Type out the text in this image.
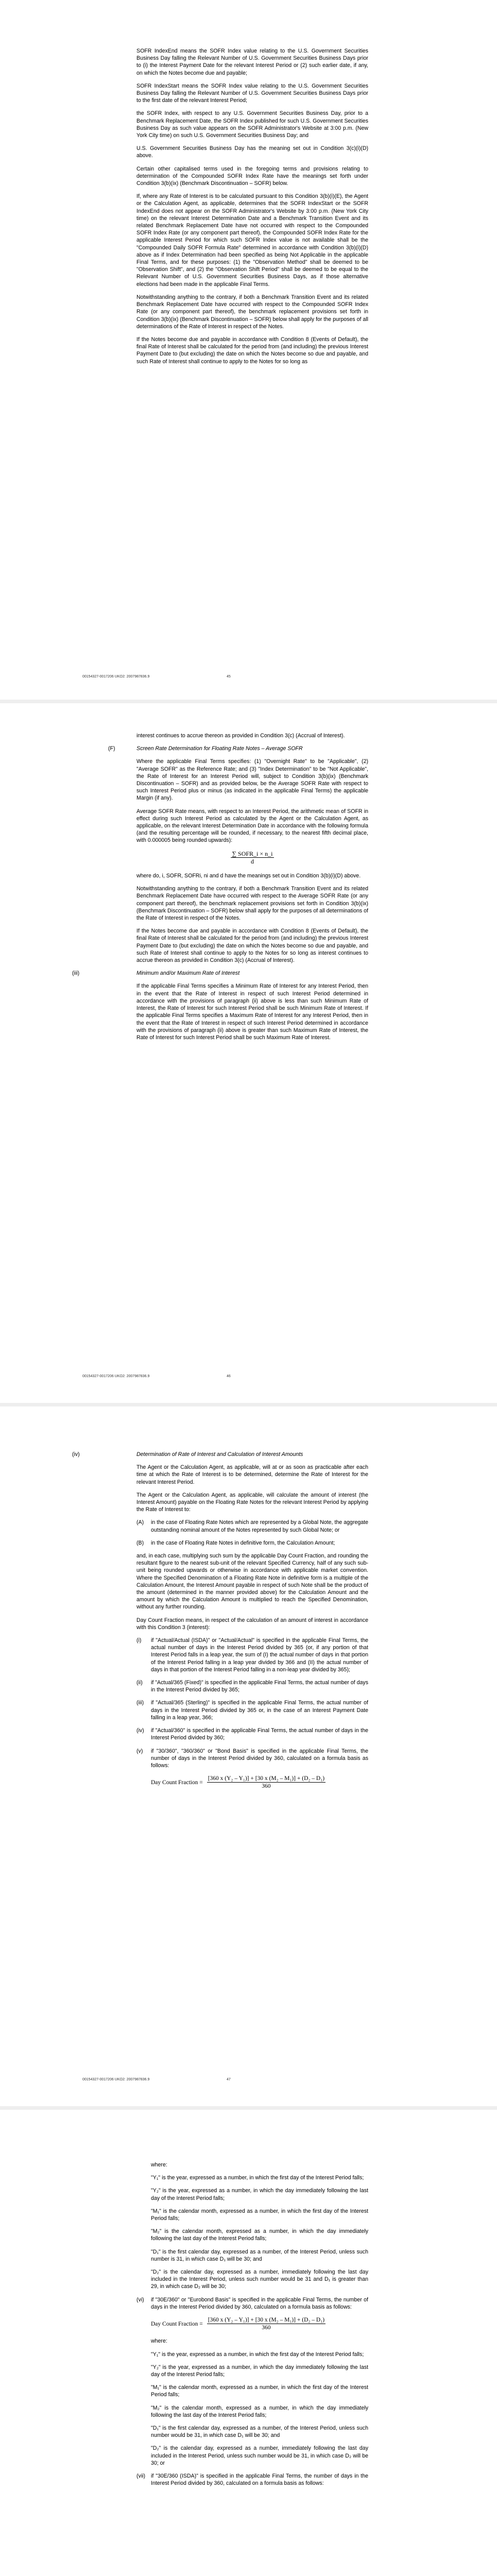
SOFR IndexEnd means the SOFR Index value relating to the U.S. Government Securities Business Day falling the Relevant Number of U.S. Government Securities Business Days prior to (i) the Interest Payment Date for the relevant Interest Period or (2) such earlier date, if any, on which the Notes become due and payable;

SOFR IndexStart means the SOFR Index value relating to the U.S. Government Securities Business Day falling the Relevant Number of U.S. Government Securities Business Days prior to the first date of the relevant Interest Period;

the SOFR Index, with respect to any U.S. Government Securities Business Day, prior to a Benchmark Replacement Date, the SOFR Index published for such U.S. Government Securities Business Day as such value appears on the SOFR Administrator's Website at 3:00 p.m. (New York City time) on such U.S. Government Securities Business Day; and

U.S. Government Securities Business Day has the meaning set out in Condition 3(c)(i)(D) above.

Certain other capitalised terms used in the foregoing terms and provisions relating to determination of the Compounded SOFR Index Rate have the meanings set forth under Condition 3(b)(ix) (Benchmark Discontinuation – SOFR) below.

If, where any Rate of Interest is to be calculated pursuant to this Condition 3(b)(i)(E), the Agent or the Calculation Agent, as applicable, determines that the SOFR IndexStart or the SOFR IndexEnd does not appear on the SOFR Administrator's Website by 3:00 p.m. (New York City time) on the relevant Interest Determination Date and a Benchmark Transition Event and its related Benchmark Replacement Date have not occurred with respect to the Compounded SOFR Index Rate (or any component part thereof), the Compounded SOFR Index Rate for the applicable Interest Period for which such SOFR Index value is not available shall be the "Compounded Daily SOFR Formula Rate" determined in accordance with Condition 3(b)(i)(D) above as if Index Determination had been specified as being Not Applicable in the applicable Final Terms, and for these purposes: (1) the "Observation Method" shall be deemed to be "Observation Shift", and (2) the "Observation Shift Period" shall be deemed to be equal to the Relevant Number of U.S. Government Securities Business Days, as if those alternative elections had been made in the applicable Final Terms.

Notwithstanding anything to the contrary, if both a Benchmark Transition Event and its related Benchmark Replacement Date have occurred with respect to the Compounded SOFR Index Rate (or any component part thereof), the benchmark replacement provisions set forth in Condition 3(b)(ix) (Benchmark Discontinuation – SOFR) below shall apply for the purposes of all determinations of the Rate of Interest in respect of the Notes.

If the Notes become due and payable in accordance with Condition 8 (Events of Default), the final Rate of Interest shall be calculated for the period from (and including) the previous Interest Payment Date to (but excluding) the date on which the Notes become so due and payable, and such Rate of Interest shall continue to apply to the Notes for so long as

00154327-0017206 UKO2: 2007987836.9	45

interest continues to accrue thereon as provided in Condition 3(c) (Accrual of Interest).

(F)	Screen Rate Determination for Floating Rate Notes – Average SOFR

Where the applicable Final Terms specifies: (1) "Overnight Rate" to be "Applicable", (2) "Average SOFR" as the Reference Rate; and (3) "Index Determination" to be "Not Applicable", the Rate of Interest for an Interest Period will, subject to Condition 3(b)(ix) (Benchmark Discontinuation – SOFR) and as provided below, be the Average SOFR Rate with respect to such Interest Period plus or minus (as indicated in the applicable Final Terms) the applicable Margin (if any).

Average SOFR Rate means, with respect to an Interest Period, the arithmetic mean of SOFR in effect during such Interest Period as calculated by the Agent or the Calculation Agent, as applicable, on the relevant Interest Determination Date in accordance with the following formula (and the resulting percentage will be rounded, if necessary, to the nearest fifth decimal place, with 0.000005 being rounded upwards):

$\frac{\text{∑ SOFR\_i × n\_i}}{d}$

where do, i, SOFR, SOFRi, ni and d have the meanings set out in Condition 3(b)(i)(D) above.

Notwithstanding anything to the contrary, if both a Benchmark Transition Event and its related Benchmark Replacement Date have occurred with respect to the Average SOFR Rate (or any component part thereof), the benchmark replacement provisions set forth in Condition 3(b)(ix) (Benchmark Discontinuation – SOFR) below shall apply for the purposes of all determinations of the Rate of Interest in respect of the Notes.

If the Notes become due and payable in accordance with Condition 8 (Events of Default), the final Rate of Interest shall be calculated for the period from (and including) the previous Interest Payment Date to (but excluding) the date on which the Notes become so due and payable, and such Rate of Interest shall continue to apply to the Notes for so long as interest continues to accrue thereon as provided in Condition 3(c) (Accrual of Interest).

(iii)	Minimum and/or Maximum Rate of Interest

If the applicable Final Terms specifies a Minimum Rate of Interest for any Interest Period, then in the event that the Rate of Interest in respect of such Interest Period determined in accordance with the provisions of paragraph (ii) above is less than such Minimum Rate of Interest, the Rate of Interest for such Interest Period shall be such Minimum Rate of Interest. If the applicable Final Terms specifies a Maximum Rate of Interest for any Interest Period, then in the event that the Rate of Interest in respect of such Interest Period determined in accordance with the provisions of paragraph (ii) above is greater than such Maximum Rate of Interest, the Rate of Interest for such Interest Period shall be such Maximum Rate of Interest.

00154327-0017206 UKO2: 2007987836.9	46

(iv)	Determination of Rate of Interest and Calculation of Interest Amounts

The Agent or the Calculation Agent, as applicable, will at or as soon as practicable after each time at which the Rate of Interest is to be determined, determine the Rate of Interest for the relevant Interest Period.

The Agent or the Calculation Agent, as applicable, will calculate the amount of interest (the Interest Amount) payable on the Floating Rate Notes for the relevant Interest Period by applying the Rate of Interest to:

(A) in the case of Floating Rate Notes which are represented by a Global Note, the aggregate outstanding nominal amount of the Notes represented by such Global Note; or

(B) in the case of Floating Rate Notes in definitive form, the Calculation Amount;

and, in each case, multiplying such sum by the applicable Day Count Fraction, and rounding the resultant figure to the nearest sub-unit of the relevant Specified Currency, half of any such sub-unit being rounded upwards or otherwise in accordance with applicable market convention. Where the Specified Denomination of a Floating Rate Note in definitive form is a multiple of the Calculation Amount, the Interest Amount payable in respect of such Note shall be the product of the amount (determined in the manner provided above) for the Calculation Amount and the amount by which the Calculation Amount is multiplied to reach the Specified Denomination, without any further rounding.

Day Count Fraction means, in respect of the calculation of an amount of interest in accordance with this Condition 3 (interest):

(i) if "Actual/Actual (ISDA)" or "Actual/Actual" is specified in the applicable Final Terms, the actual number of days in the Interest Period divided by 365 (or, if any portion of that Interest Period falls in a leap year, the sum of (I) the actual number of days in that portion of the Interest Period falling in a leap year divided by 366 and (II) the actual number of days in that portion of the Interest Period falling in a non-leap year divided by 365);

(ii) if "Actual/365 (Fixed)" is specified in the applicable Final Terms, the actual number of days in the Interest Period divided by 365;

(iii) if "Actual/365 (Sterling)" is specified in the applicable Final Terms, the actual number of days in the Interest Period divided by 365 or, in the case of an Interest Payment Date falling in a leap year, 366;

(iv) if "Actual/360" is specified in the applicable Final Terms, the actual number of days in the Interest Period divided by 360;

(v) if "30/360", "360/360" or "Bond Basis" is specified in the applicable Final Terms, the number of days in the Interest Period divided by 360, calculated on a formula basis as follows:

Day Count Fraction = $\frac{\text{[360 x (Y₂ – Y₁)] + [30 x (M₂ – M₁)] + (D₂ – D₁)}}{360}$
00154327-0017206 UKO2: 2007987836.9	47

where:

"Y₁" is the year, expressed as a number, in which the first day of the Interest Period falls;

"Y₂" is the year, expressed as a number, in which the day immediately following the last day of the Interest Period falls;

"M₁" is the calendar month, expressed as a number, in which the first day of the Interest Period falls;

"M₂" is the calendar month, expressed as a number, in which the day immediately following the last day of the Interest Period falls;

"D₁" is the first calendar day, expressed as a number, of the Interest Period, unless such number is 31, in which case D₁ will be 30; and

"D₂" is the calendar day, expressed as a number, immediately following the last day included in the Interest Period, unless such number would be 31 and D₁ is greater than 29, in which case D₂ will be 30;

(vi) if "30E/360" or "Eurobond Basis" is specified in the applicable Final Terms, the number of days in the Interest Period divided by 360, calculated on a formula basis as follows:

Day Count Fraction = $\frac{\text{[360 x (Y₂ – Y₁)] + [30 x (M₂ – M₁)] + (D₂ – D₁)}}{360}$

where:

"Y₁" is the year, expressed as a number, in which the first day of the Interest Period falls;

"Y₂" is the year, expressed as a number, in which the day immediately following the last day of the Interest Period falls;

"M₁" is the calendar month, expressed as a number, in which the first day of the Interest Period falls;

"M₂" is the calendar month, expressed as a number, in which the day immediately following the last day of the Interest Period falls;

"D₁" is the first calendar day, expressed as a number, of the Interest Period, unless such number would be 31, in which case D₁ will be 30; and

"D₂" is the calendar day, expressed as a number, immediately following the last day included in the Interest Period, unless such number would be 31, in which case D₂ will be 30; or

(vii) if "30E/360 (ISDA)" is specified in the applicable Final Terms, the number of days in the Interest Period divided by 360, calculated on a formula basis as follows:
